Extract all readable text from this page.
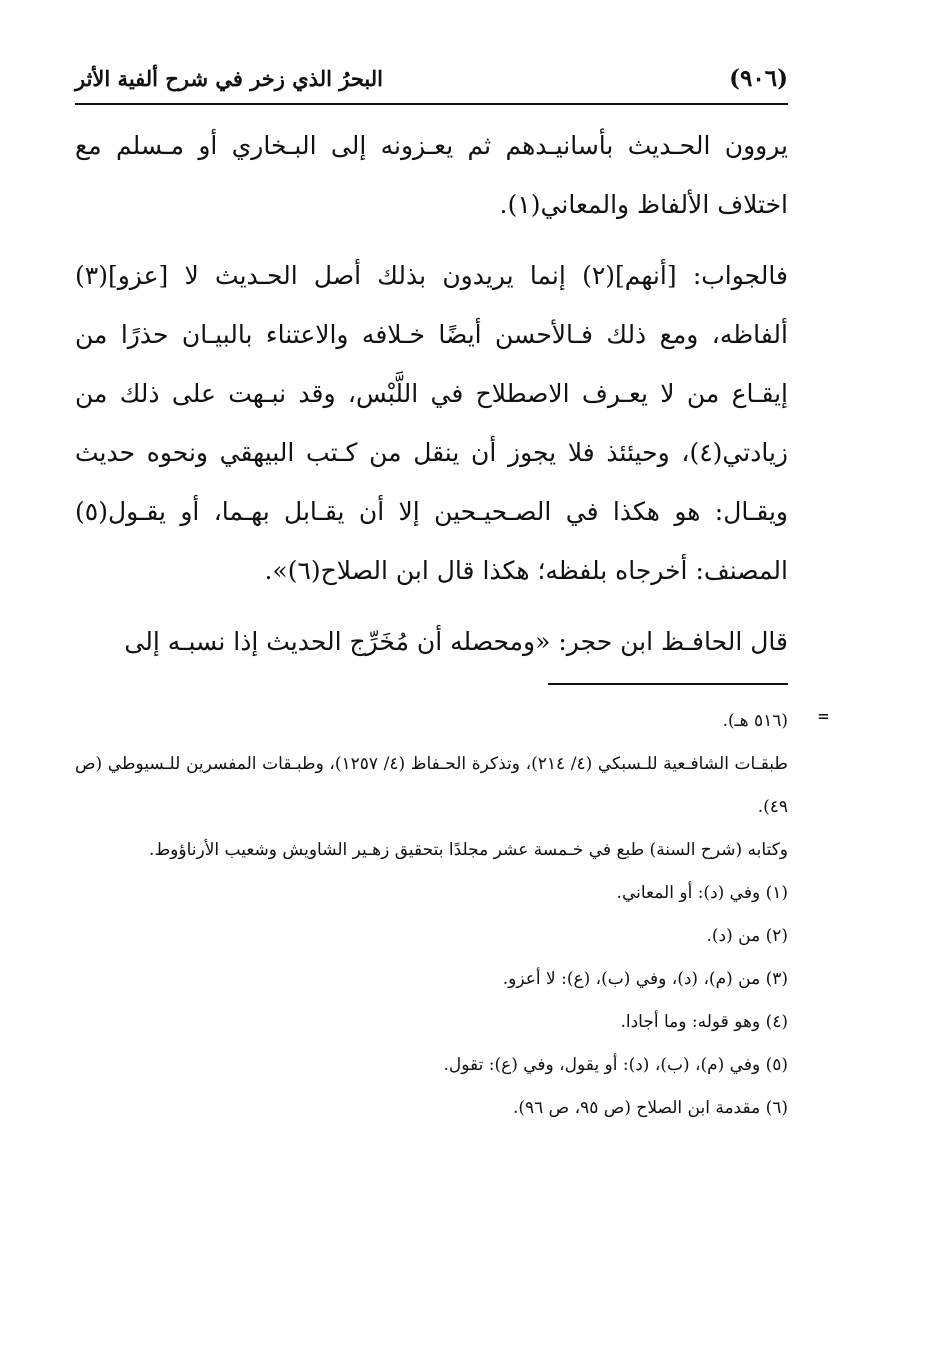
(٩٠٦)
البحرُ الذي زخر في شرح ألفية الأثر

يروون الحـديث بأسانيـدهم ثم يعـزونه إلى البـخاري أو مـسلم مع اختلاف الألفاظ والمعاني(١).

فالجواب: [أنهم](٢) إنما يريدون بذلك أصل الحـديث لا [عزو](٣) ألفاظه، ومع ذلك فـالأحسن أيضًا خـلافه والاعتناء بالبيـان حذرًا من إيقـاع من لا يعـرف الاصطلاح في اللَّبْس، وقد نبـهت على ذلك من زيادتي(٤)، وحيئئذ فلا يجوز أن ينقل من كـتب البيهقي ونحوه حديث ويقـال: هو هكذا في الصـحيـحين إلا أن يقـابل بهـما، أو يقـول(٥) المصنف: أخرجاه بلفظه؛ هكذا قال ابن الصلاح(٦)».

قال الحافـظ ابن حجر: «ومحصله أن مُخَرِّج الحديث إذا نسبـه إلى

=

(٥١٦ هـ).

طبقـات الشافـعية للـسبكي (٤/ ٢١٤)، وتذكرة الحـفاظ (٤/ ١٢٥٧)، وطبـقات المفسرين للـسيوطي (ص ٤٩).

وكتابه (شرح السنة) طبع في خـمسة عشر مجلدًا بتحقيق زهـير الشاويش وشعيب الأرناؤوط.

(١) وفي (د): أو المعاني.

(٢) من (د).

(٣) من (م)، (د)، وفي (ب)، (ع): لا أعزو.

(٤) وهو قوله: وما أجادا.

(٥) وفي (م)، (ب)، (د): أو يقول، وفي (ع): تقول.

(٦) مقدمة ابن الصلاح (ص ٩٥، ص ٩٦).
